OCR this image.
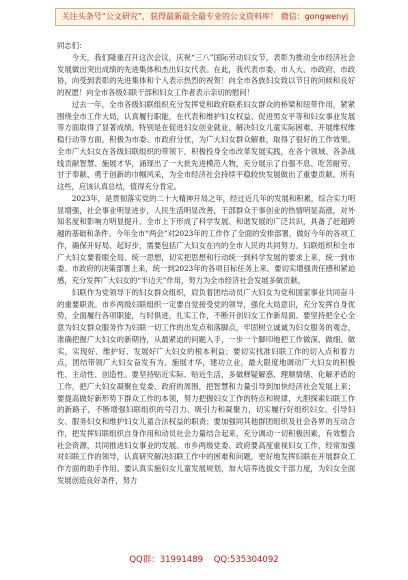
关注头条号“公文研究”，获得最新最全最专业的公文资料库！ 微信：gongwenyj

同志们：

今天，我们隆重召开这次会议，庆祝“三八”国际劳动妇女节，表彰为推动全市经济社会发展做出突出成绩的先进集体和杰出妇女代表。在此，我代表市委、市人大、市政府、市政协，向受到表彰的先进集体和个人表示热烈的祝贺！向全市各族妇女致以节日的问候和良好的祝愿！向全市各级妇联干部和妇女工作者表示亲切的慰问！

过去一年，全市各级妇联组织充分发挥党和政府联系妇女群众的桥梁和纽带作用，紧紧围绕全市工作大局，认真履行职能，在代表和维护妇女权益、促进男女平等和妇女事业发展等方面取得了显著成绩。特别是在促进妇女创业就业、解决妇女儿童实际困难、开展维权维稳行动等方面，积极为市委、市政府分忧，为广大妇女群众解难，取得了很好的工作效果。全市广大妇女在各级妇联组织的带领下，积极投身全市改革发展实践，在各个领域、各条战线贡献智慧、施展才华，涌现出了一大批先进模范人物，充分展示了自强不息、吃苦耐劳、甘于奉献、勇于创新的巾帼风采，为全市经济社会持续平稳较快发展做出了重要贡献。所有这些，应该认真总结，值得充分肯定。

2023年，是贯彻落实党的二十大精神开局之年，经过近几年的发展和积累，综合实力明显增强，社会事业明显进步，人民生活明显改善，干部群众干事创业的热情明显高涨，对外知名度和影响力明显提升。全市上下形成了科学发展、和谐发展的广泛共识，具备了赶超跨越的基础和条件。今年全市“两会”对2023年的工作作了全面的安排部署，做好今年的各项工作，确保开好局、起好步，需要包括广大妇女在内的全市人民的共同努力。妇联组织和全市广大妇女要着眼全局、统一思想，切实把思想和行动统一到科学发展的要求上来，统一到市委、市政府的决策部署上来，统一到2023年的各项目标任务上来。要切实增强责任感和紧迫感，充分发挥广大妇女的“半边天”作用，努力为全市经济社会发展多做贡献。

妇联作为党领导下的妇女群众组织，肩负着团结动员广大妇女为党和国家事业共同奋斗的重要职责。市乡两级妇联组织一定要自觉接受党的领导，强化大局意识，充分发挥自身优势，全面履行各项职能，与时俱进，扎实工作，不断开创妇女工作新局面。要坚持把全心全意为妇女群众服务作为妇联一切工作的出发点和落脚点，牢固树立诚诚为妇女服务的观念，准确把握广大妇女的新期待，从最紧迫的问题入手，一步一个脚印地把工作做深、做细、做实，实现好、维护好、发展好广大妇女的根本利益；要切实找准妇联工作的切入点和着力点，团结带领广大妇女奋发有为、施展才华，建功立业，最大限度地调动广大妇女的积极性、主动性、创造性。要坚持贴近实际、贴近生活，多做释疑解惑、理顺情绪、化解矛盾的工作，把广大妇女凝聚在党委、政府的周围，把智慧和力量引导到加快经济社会发展上来；要提高做好新形势下群众工作的本领，努力把握妇女工作的特点和规律，大胆探索妇联工作的新路子，不断增强妇联组织的号召力、吸引力和凝聚力，切实履行好组织妇女、引导妇女、服务妇女和维护妇女儿童合法权益的职责；要加强同其他群团组织及社会各界的互动合作，把发挥妇联组织自身作用和动员社会力量结合起来，充分调动一切积极因素，有效整合社会资源，共同推进妇女事业的发展。市乡两级党委、政府要高度重视妇女工作，经常加强对妇联工作的领导，认真研究解决妇联工作中的困难和问题，更好地发挥妇联在开展群众工作方面的助手作用。要认真实施妇女儿童发展规划，加大培养选拔女干部力度，为妇女全面发展创造良好条件，努力

QQ群：31991489 QQ:535304092
